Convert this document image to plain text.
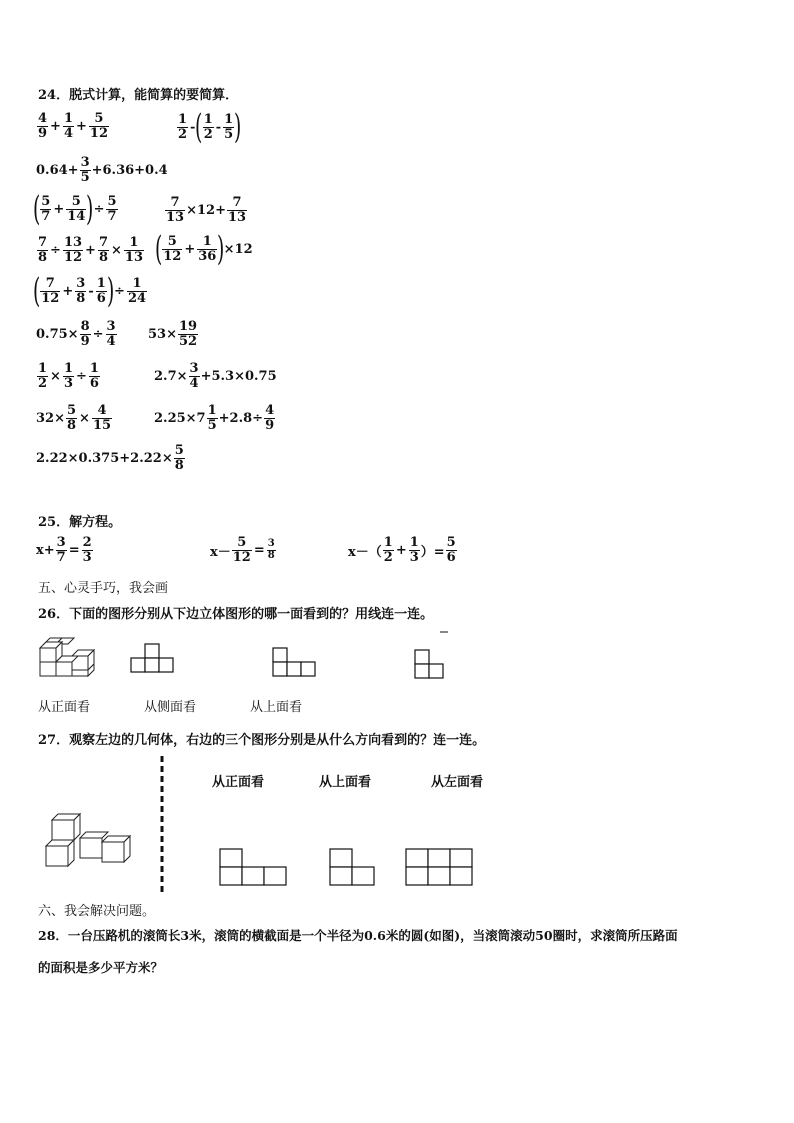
24．脱式计算，能简算的要简算．
$\frac{4}{9} + \frac{1}{4} + \frac{5}{12}$	$\frac{1}{2}$ - ( $\frac{1}{2} - \frac{1}{5}$ )
$0.64+ \frac{3}{5} +6.36+0.4$
( $\frac{5}{7} + \frac{5}{14}$ ) ÷ $\frac{5}{7}$	$\frac{7}{13} \times 12+ \frac{7}{13}$
$\frac{7}{8} \div \frac{13}{12} + \frac{7}{8} \times \frac{1}{13}$ ( $\frac{5}{12} + \frac{1}{36}$ )
×12
( $\frac{7}{12} + \frac{3}{8} - \frac{1}{6}$ ) ÷ $\frac{1}{24}$
$0.75\times \frac{8}{9} \div \frac{3}{4} 53\times \frac{19}{52}$
$\frac{1}{2} \times \frac{1}{3} \div \frac{1}{6}$	$2.7\times \frac{3}{4} +5.3\times 0.75$
$32\times \frac{5}{8} \times \frac{4}{15}$	$2.25\times 7 \frac{1}{5} +2.8\div \frac{4}{9}$
$2.22\times 0.375+2.22\times \frac{5}{8}$
25．解方程。
$x+ \frac{3}{7} = \frac{2}{3}$	$x- \frac{5}{12} = \frac{3}{8}$	$x-( \frac{1}{2} + \frac{1}{3}$ ）= $\frac{5}{6}$
五、心灵手巧，我会画
26．下面的图形分别从下边立体图形的哪一面看到的？用线连一连。
从正面看	从侧面看	从上面看
27．观察左边的几何体，右边的三个图形分别是从什么方向看到的？连一连。
从正面看	从上面看	从左面看
六、我会解决问题。
28．一台压路机的滚筒长3米，滚筒的横截面是一个半径为0.6米的圆(如图)，当滚筒滚动50圈时，求滚筒所压路面
的面积是多少平方米？
